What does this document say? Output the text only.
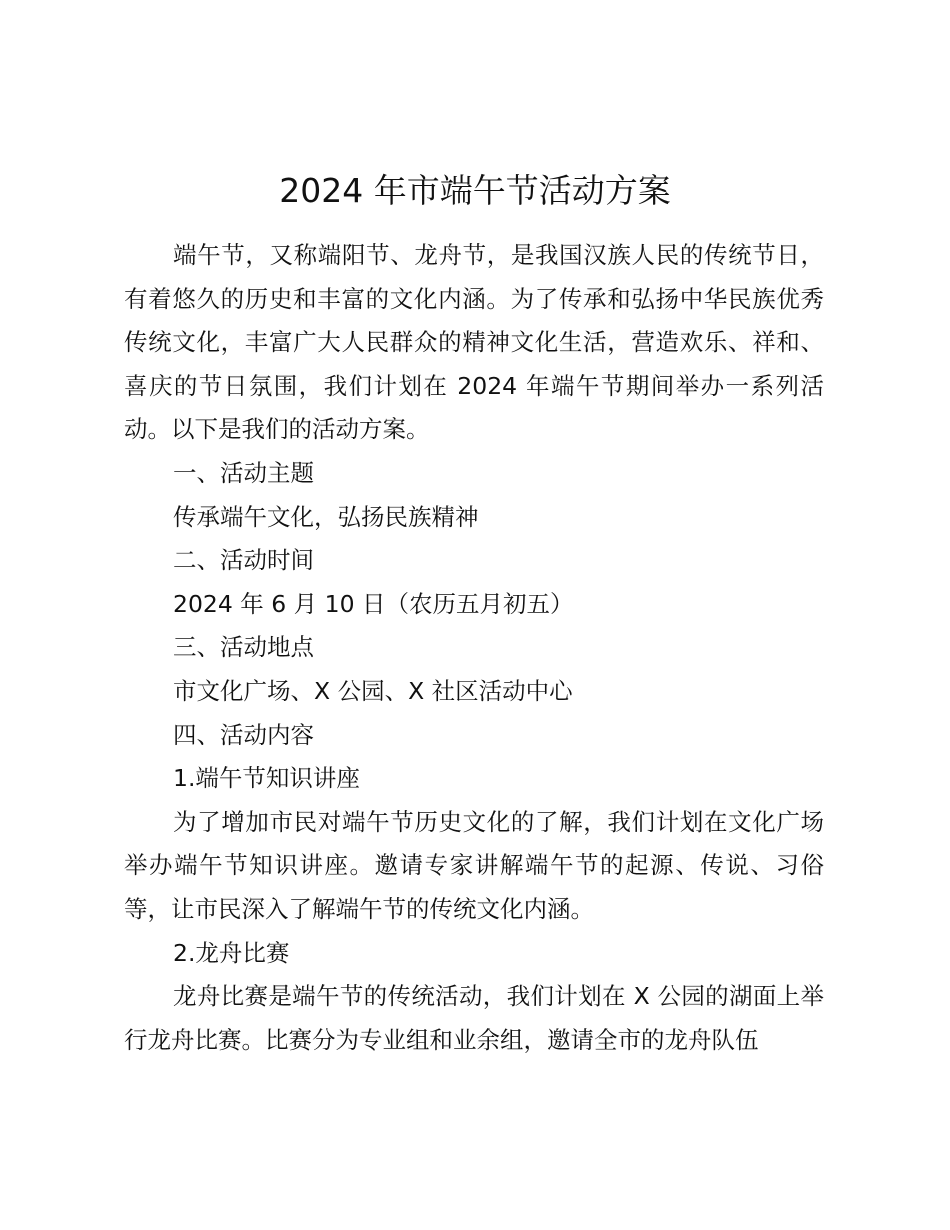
2024 年市端午节活动方案

端午节，又称端阳节、龙舟节，是我国汉族人民的传统节日，有着悠久的历史和丰富的文化内涵。为了传承和弘扬中华民族优秀传统文化，丰富广大人民群众的精神文化生活，营造欢乐、祥和、喜庆的节日氛围，我们计划在 2024 年端午节期间举办一系列活动。以下是我们的活动方案。

一、活动主题

传承端午文化，弘扬民族精神

二、活动时间

2024 年 6 月 10 日（农历五月初五）

三、活动地点

市文化广场、X 公园、X 社区活动中心

四、活动内容

1.端午节知识讲座

为了增加市民对端午节历史文化的了解，我们计划在文化广场举办端午节知识讲座。邀请专家讲解端午节的起源、传说、习俗等，让市民深入了解端午节的传统文化内涵。

2.龙舟比赛

龙舟比赛是端午节的传统活动，我们计划在 X 公园的湖面上举行龙舟比赛。比赛分为专业组和业余组，邀请全市的龙舟队伍
